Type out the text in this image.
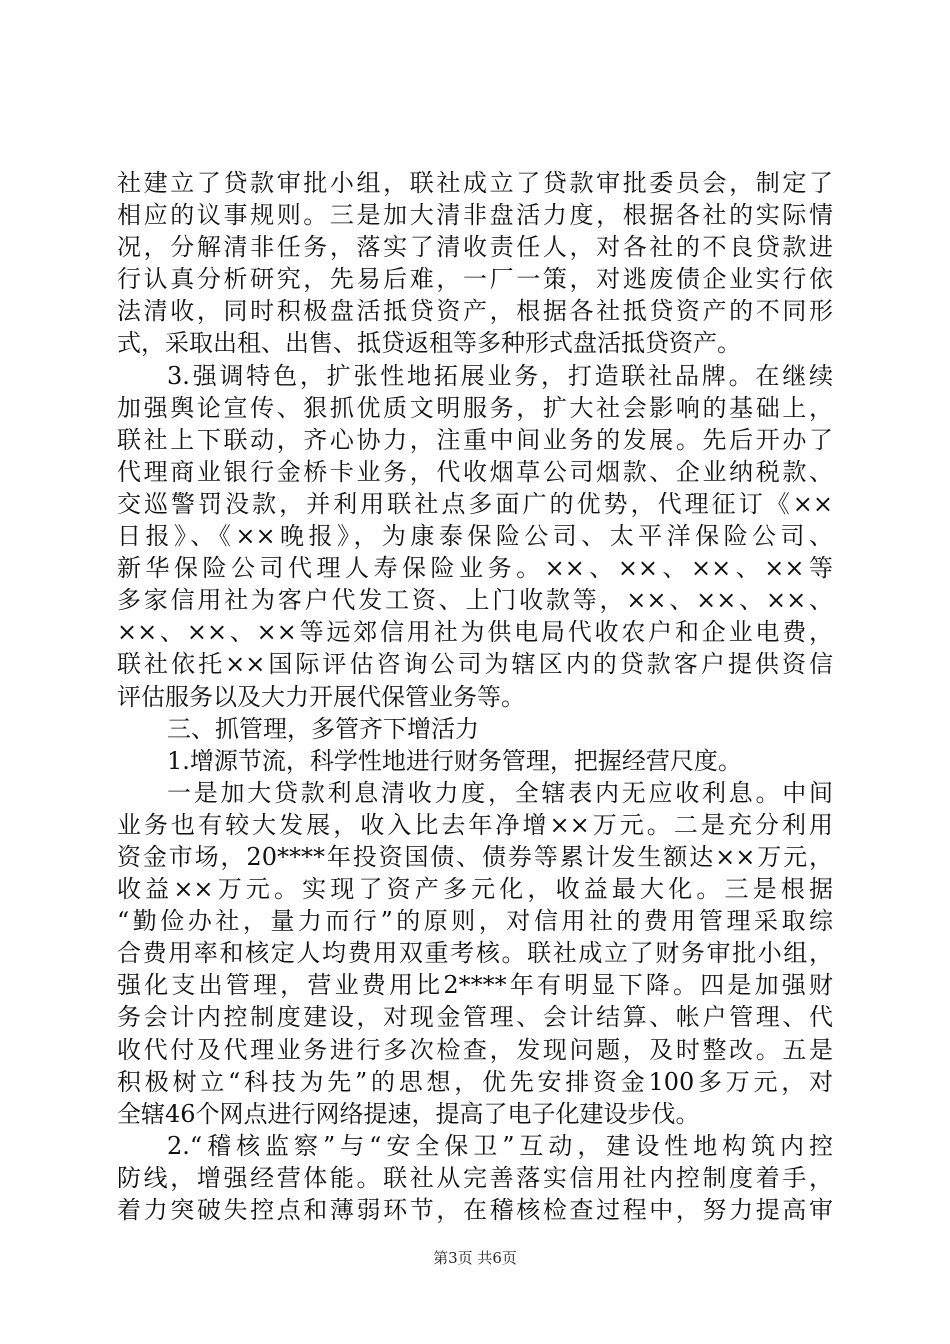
社建立了贷款审批小组，联社成立了贷款审批委员会，制定了
相应的议事规则。三是加大清非盘活力度，根据各社的实际情
况，分解清非任务，落实了清收责任人，对各社的不良贷款进
行认真分析研究，先易后难，一厂一策，对逃废债企业实行依
法清收，同时积极盘活抵贷资产，根据各社抵贷资产的不同形
式，采取出租、出售、抵贷返租等多种形式盘活抵贷资产。
3.强调特色，扩张性地拓展业务，打造联社品牌。在继续
加强舆论宣传、狠抓优质文明服务，扩大社会影响的基础上，
联社上下联动，齐心协力，注重中间业务的发展。先后开办了
代理商业银行金桥卡业务，代收烟草公司烟款、企业纳税款、
交巡警罚没款，并利用联社点多面广的优势，代理征订《××
日报》、《××晚报》，为康泰保险公司、太平洋保险公司、
新华保险公司代理人寿保险业务。××、××、××、××等
多家信用社为客户代发工资、上门收款等，××、××、××、
××、××、××等远郊信用社为供电局代收农户和企业电费，
联社依托××国际评估咨询公司为辖区内的贷款客户提供资信
评估服务以及大力开展代保管业务等。
三、抓管理，多管齐下增活力
1.增源节流，科学性地进行财务管理，把握经营尺度。
一是加大贷款利息清收力度，全辖表内无应收利息。中间
业务也有较大发展，收入比去年净增××万元。二是充分利用
资金市场，20****年投资国债、债券等累计发生额达××万元，
收益××万元。实现了资产多元化，收益最大化。三是根据
“勤俭办社，量力而行”的原则，对信用社的费用管理采取综
合费用率和核定人均费用双重考核。联社成立了财务审批小组，
强化支出管理，营业费用比2****年有明显下降。四是加强财
务会计内控制度建设，对现金管理、会计结算、帐户管理、代
收代付及代理业务进行多次检查，发现问题，及时整改。五是
积极树立“科技为先”的思想，优先安排资金100多万元，对
全辖46个网点进行网络提速，提高了电子化建设步伐。
2.“稽核监察”与“安全保卫”互动，建设性地构筑内控
防线，增强经营体能。联社从完善落实信用社内控制度着手，
着力突破失控点和薄弱环节，在稽核检查过程中，努力提高审
第3页 共6页
